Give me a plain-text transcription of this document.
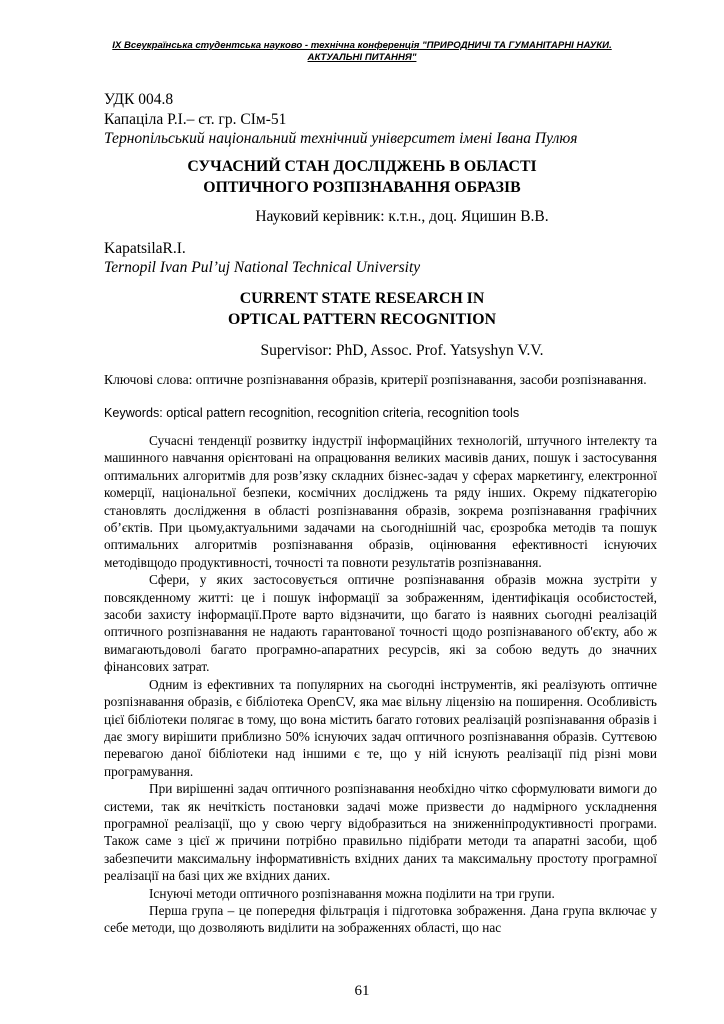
IX Всеукраїнська студентська науково - технічна конференція "ПРИРОДНИЧІ ТА ГУМАНІТАРНІ НАУКИ.
АКТУАЛЬНІ ПИТАННЯ"
УДК 004.8
Капаціла Р.І.– ст. гр. СІм-51
Тернопільський національний технічний університет імені Івана Пулюя
СУЧАСНИЙ СТАН ДОСЛІДЖЕНЬ В ОБЛАСТІ
ОПТИЧНОГО РОЗПІЗНАВАННЯ ОБРАЗІВ
Науковий керівник: к.т.н., доц. Яцишин В.В.
KapatsilaR.I.
Ternopil Ivan Pul’uj National Technical University
CURRENT STATE RESEARCH IN
OPTICAL PATTERN RECOGNITION
Supervisor: PhD, Assoc. Prof. Yatsyshyn V.V.
Ключові слова: оптичне розпізнавання образів, критерії розпізнавання, засоби розпізнавання.
Keywords: optical pattern recognition, recognition criteria, recognition tools

Сучасні тенденції розвитку індустрії інформаційних технологій, штучного інтелекту та машинного навчання орієнтовані на опрацювання великих масивів даних, пошук і застосування оптимальних алгоритмів для розв’язку складних бізнес-задач у сферах маркетингу, електронної комерції, національної безпеки, космічних досліджень та ряду інших. Окрему підкатегорію становлять дослідження в області розпізнавання образів, зокрема розпізнавання графічних об’єктів. При цьому,актуальними задачами на сьогоднішній час, єрозробка методів та пошук оптимальних алгоритмів розпізнавання образів, оцінювання ефективності існуючих методівщодо продуктивності, точності та повноти результатів розпізнавання.

Сфери, у яких застосовується оптичне розпізнавання образів можна зустріти у повсякденному житті: це і пошук інформації за зображенням, ідентифікація особистостей, засоби захисту інформації.Проте варто відзначити, що багато із наявних сьогодні реалізацій оптичного розпізнавання не надають гарантованої точності щодо розпізнаваного об'єкту, або ж вимагаютьдоволі багато програмно-апаратних ресурсів, які за собою ведуть до значних фінансових затрат.

Одним із ефективних та популярних на сьогодні інструментів, які реалізують оптичне розпізнавання образів, є бібліотека OpenCV, яка має вільну ліцензію на поширення. Особливість цієї бібліотеки полягає в тому, що вона містить багато готових реалізацій розпізнавання образів і дає змогу вирішити приблизно 50% існуючих задач оптичного розпізнавання образів. Суттєвою перевагою даної бібліотеки над іншими є те, що у ній існують реалізації під різні мови програмування.

При вирішенні задач оптичного розпізнавання необхідно чітко сформулювати вимоги до системи, так як нечіткість постановки задачі може призвести до надмірного ускладнення програмної реалізації, що у свою чергу відобразиться на зниженніпродуктивності програми. Також саме з цієї ж причини потрібно правильно підібрати методи та апаратні засоби, щоб забезпечити максимальну інформативність вхідних даних та максимальну простоту програмної реалізації на базі цих же вхідних даних.

Існуючі методи оптичного розпізнавання можна поділити на три групи.

Перша група – це попередня фільтрація і підготовка зображення. Дана група включає у себе методи, що дозволяють виділити на зображеннях області, що нас

61
